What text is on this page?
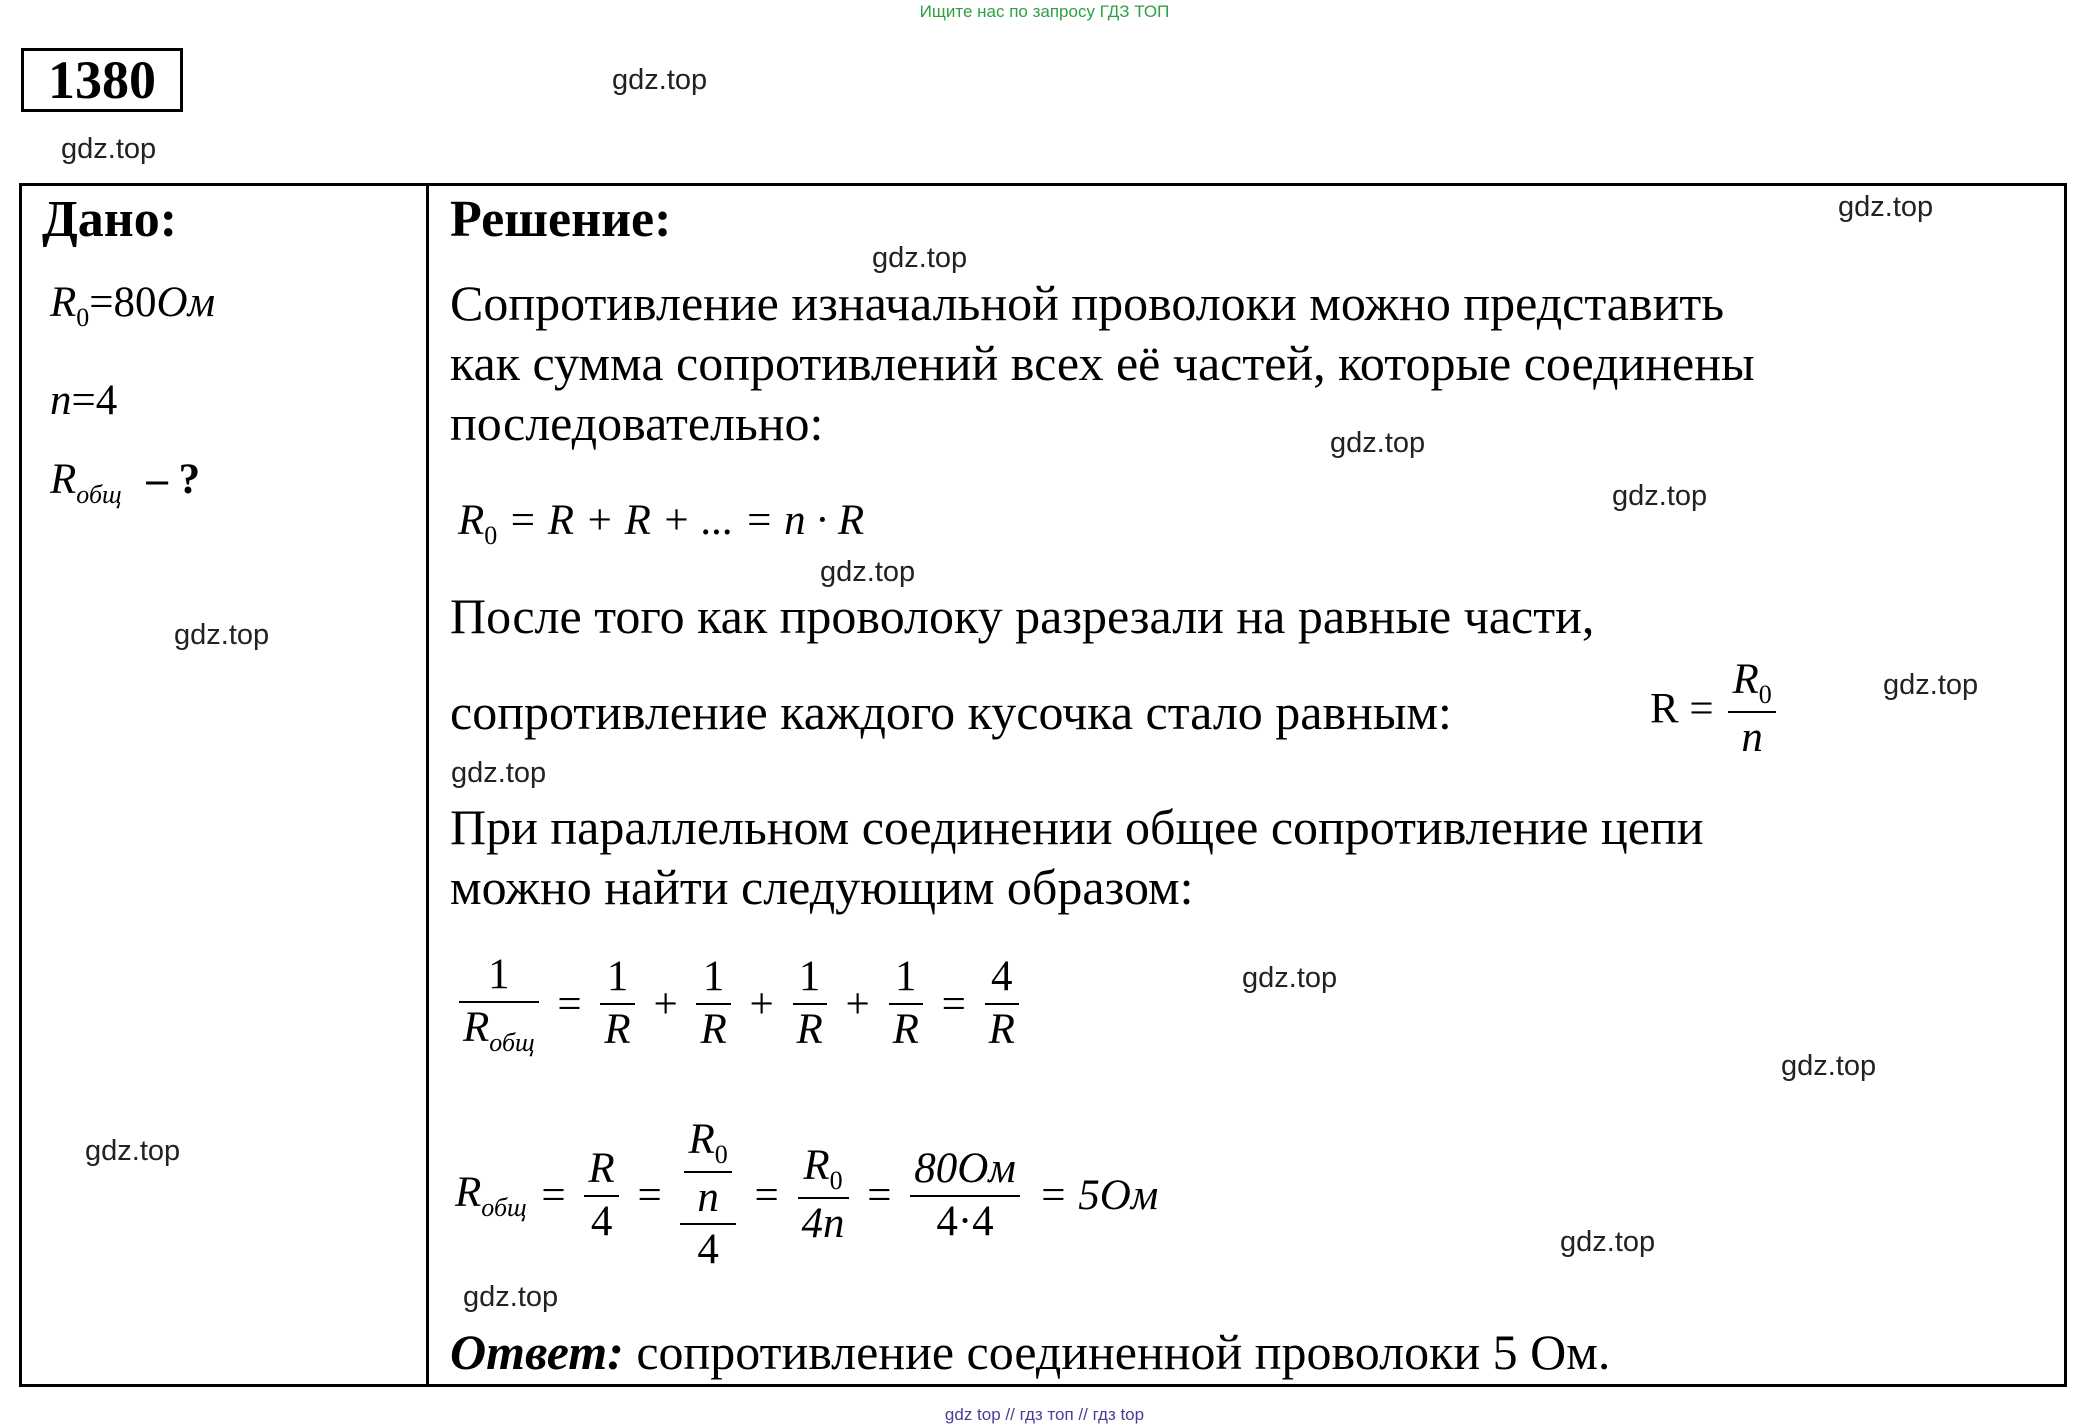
Ищите нас по запросу ГДЗ ТОП
1380	gdz.top
gdz.top
gdz.top
gdz.top
gdz.top
gdz.top
gdz.top
gdz.top
gdz.top
gdz.top
gdz.top
gdz.top
gdz.top
gdz.top
gdz.top
Дано:
$R_0=80Ом$
n=4
$R_{общ}$ – ?
Решение:
Сопротивление изначальной проволоки можно представить
как сумма сопротивлений всех её частей, которые соединены
последовательно:
$R_0 = R + R$ + ... = n · R
После того как проволоку разрезали на равные части,
сопротивление каждого кусочка стало равным:	$R = \frac{R_0}{n}$
При параллельном соединении общее сопротивление цепи
можно найти следующим образом:
$\frac{1}{R_{общ}} = \frac{1}{R} + \frac{1}{R} + \frac{1}{R} + \frac{1}{R} = \frac{4}{R}$
$R_{общ} = \frac{R}{4} = \frac{\frac{R_0}{n}}{4} = \frac{R_0}{4n} = \frac{80Ом}{4\cdot 4} = 5Ом$
Ответ: сопротивление соединенной проволоки 5 Ом.
gdz top // гдз топ // гдз top
